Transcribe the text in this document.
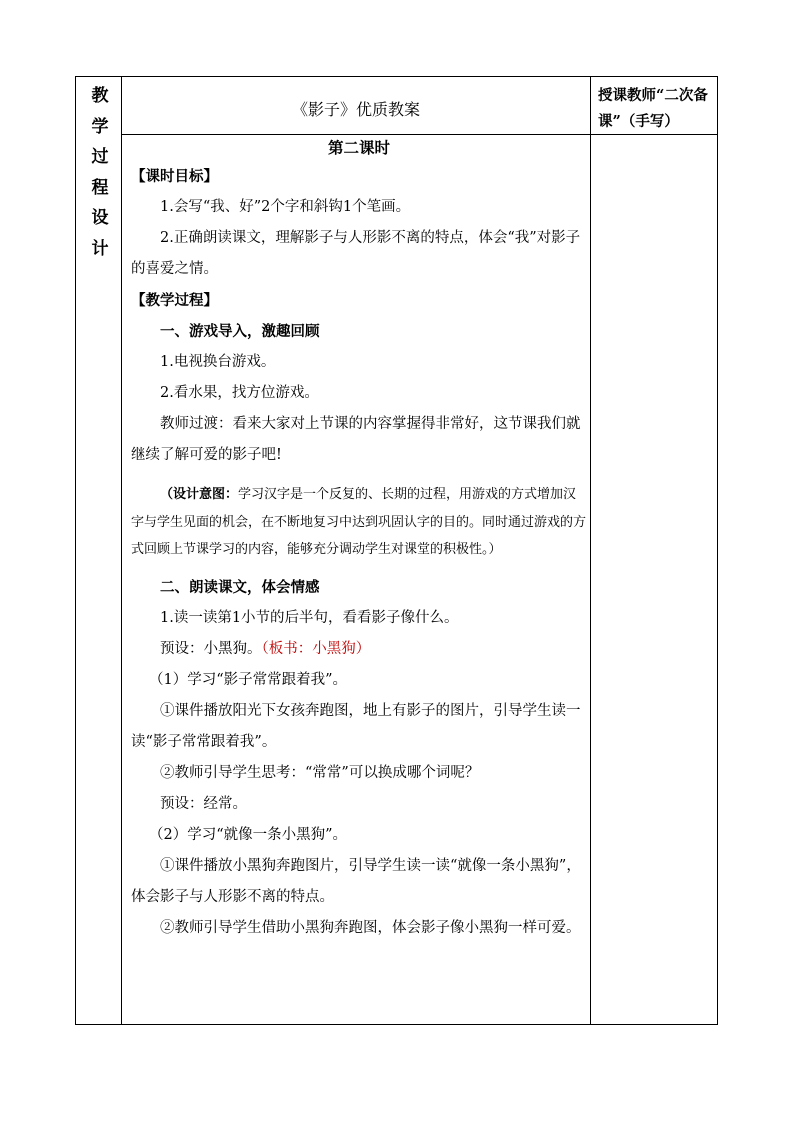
教
学
过
程
设
计
《影子》优质教案
授课教师“二次备课”（手写）

第二课时

【课时目标】

1.会写“我、好”2个字和斜钩1个笔画。

2.正确朗读课文，理解影子与人形影不离的特点，体会“我”对影子的喜爱之情。

【教学过程】

一、游戏导入，激趣回顾

1.电视换台游戏。

2.看水果，找方位游戏。

教师过渡：看来大家对上节课的内容掌握得非常好，这节课我们就继续了解可爱的影子吧!

（设计意图：学习汉字是一个反复的、长期的过程，用游戏的方式增加汉字与学生见面的机会，在不断地复习中达到巩固认字的目的。同时通过游戏的方式回顾上节课学习的内容，能够充分调动学生对课堂的积极性。）

二、朗读课文，体会情感

1.读一读第1小节的后半句，看看影子像什么。

预设：小黑狗。（板书：小黑狗）

（1）学习“影子常常跟着我”。

①课件播放阳光下女孩奔跑图，地上有影子的图片，引导学生读一读“影子常常跟着我”。

②教师引导学生思考：“常常”可以换成哪个词呢？

预设：经常。

（2）学习“就像一条小黑狗”。

①课件播放小黑狗奔跑图片，引导学生读一读“就像一条小黑狗”，体会影子与人形影不离的特点。

②教师引导学生借助小黑狗奔跑图，体会影子像小黑狗一样可爱。
